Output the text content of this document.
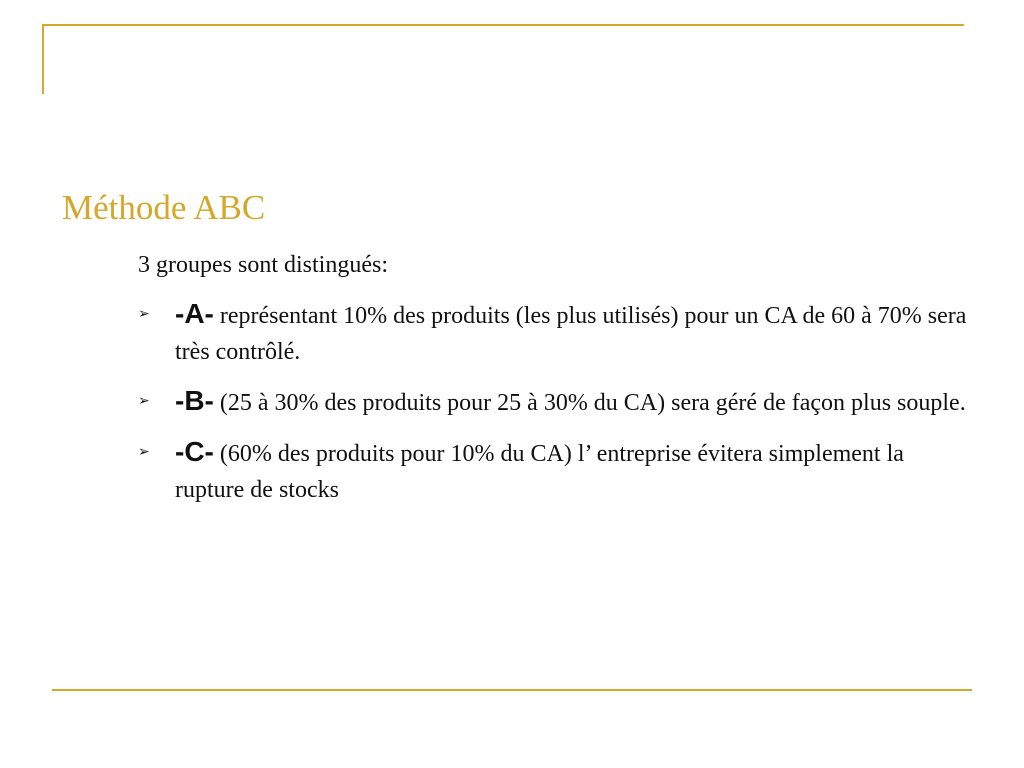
Méthode ABC
3 groupes sont distingués:
➢ -A- représentant 10% des produits (les plus utilisés) pour un CA de 60 à 70% sera très contrôlé.
➢ -B- (25 à 30% des produits pour 25 à 30% du CA) sera géré de façon plus souple.
➢ -C- (60% des produits pour 10% du CA) l’ entreprise évitera simplement la rupture de stocks
